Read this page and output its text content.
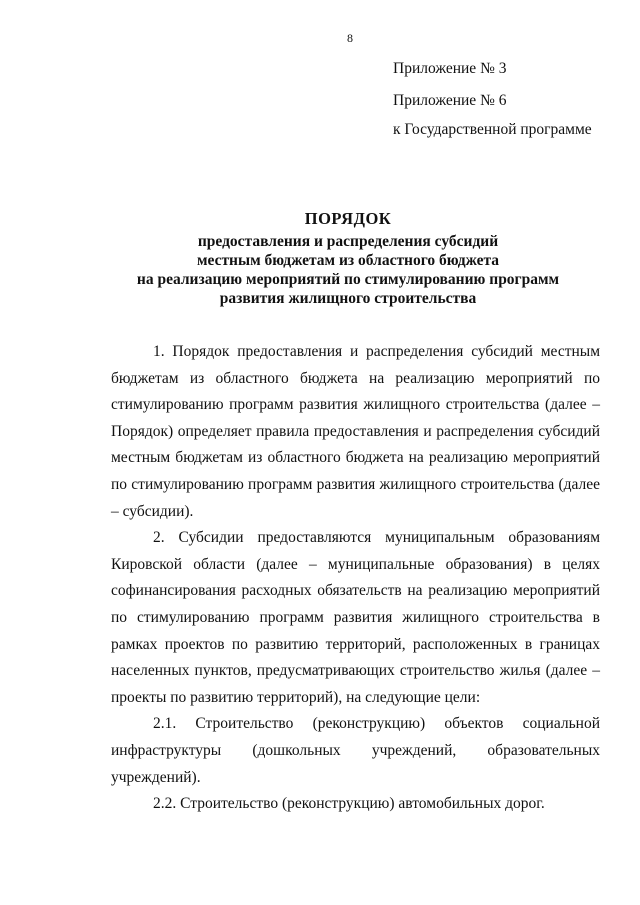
8
Приложение № 3
Приложение № 6
к Государственной программе
ПОРЯДОК
предоставления и распределения субсидий
местным бюджетам из областного бюджета
на реализацию мероприятий по стимулированию программ
развития жилищного строительства

1. Порядок предоставления и распределения субсидий местным бюджетам из областного бюджета на реализацию мероприятий по стимулированию программ развития жилищного строительства (далее – Порядок) определяет правила предоставления и распределения субсидий местным бюджетам из областного бюджета на реализацию мероприятий по стимулированию программ развития жилищного строительства (далее – субсидии).

2. Субсидии предоставляются муниципальным образованиям Кировской области (далее – муниципальные образования) в целях софинансирования расходных обязательств на реализацию мероприятий по стимулированию программ развития жилищного строительства в рамках проектов по развитию территорий, расположенных в границах населенных пунктов, предусматривающих строительство жилья (далее – проекты по развитию территорий), на следующие цели:

2.1. Строительство (реконструкцию) объектов социальной инфраструктуры (дошкольных учреждений, образовательных учреждений).

2.2. Строительство (реконструкцию) автомобильных дорог.
